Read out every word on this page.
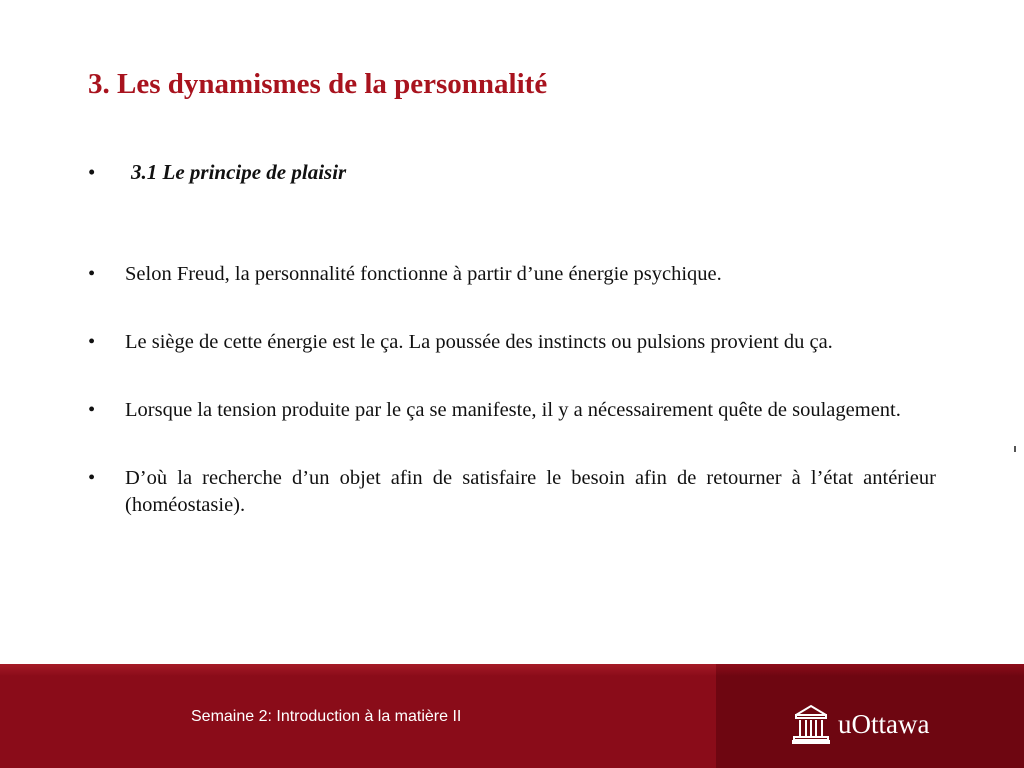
3. Les dynamismes de la personnalité
• 3.1 Le principe de plaisir
• Selon Freud, la personnalité fonctionne à partir d’une énergie psychique.
• Le siège de cette énergie est le ça. La poussée des instincts ou pulsions provient du ça.
• Lorsque la tension produite par le ça se manifeste, il y a nécessairement quête de soulagement.
• D’où la recherche d’un objet afin de satisfaire le besoin afin de retourner à l’état antérieur (homéostasie).
Semaine 2: Introduction à la matière II	uOttawa
